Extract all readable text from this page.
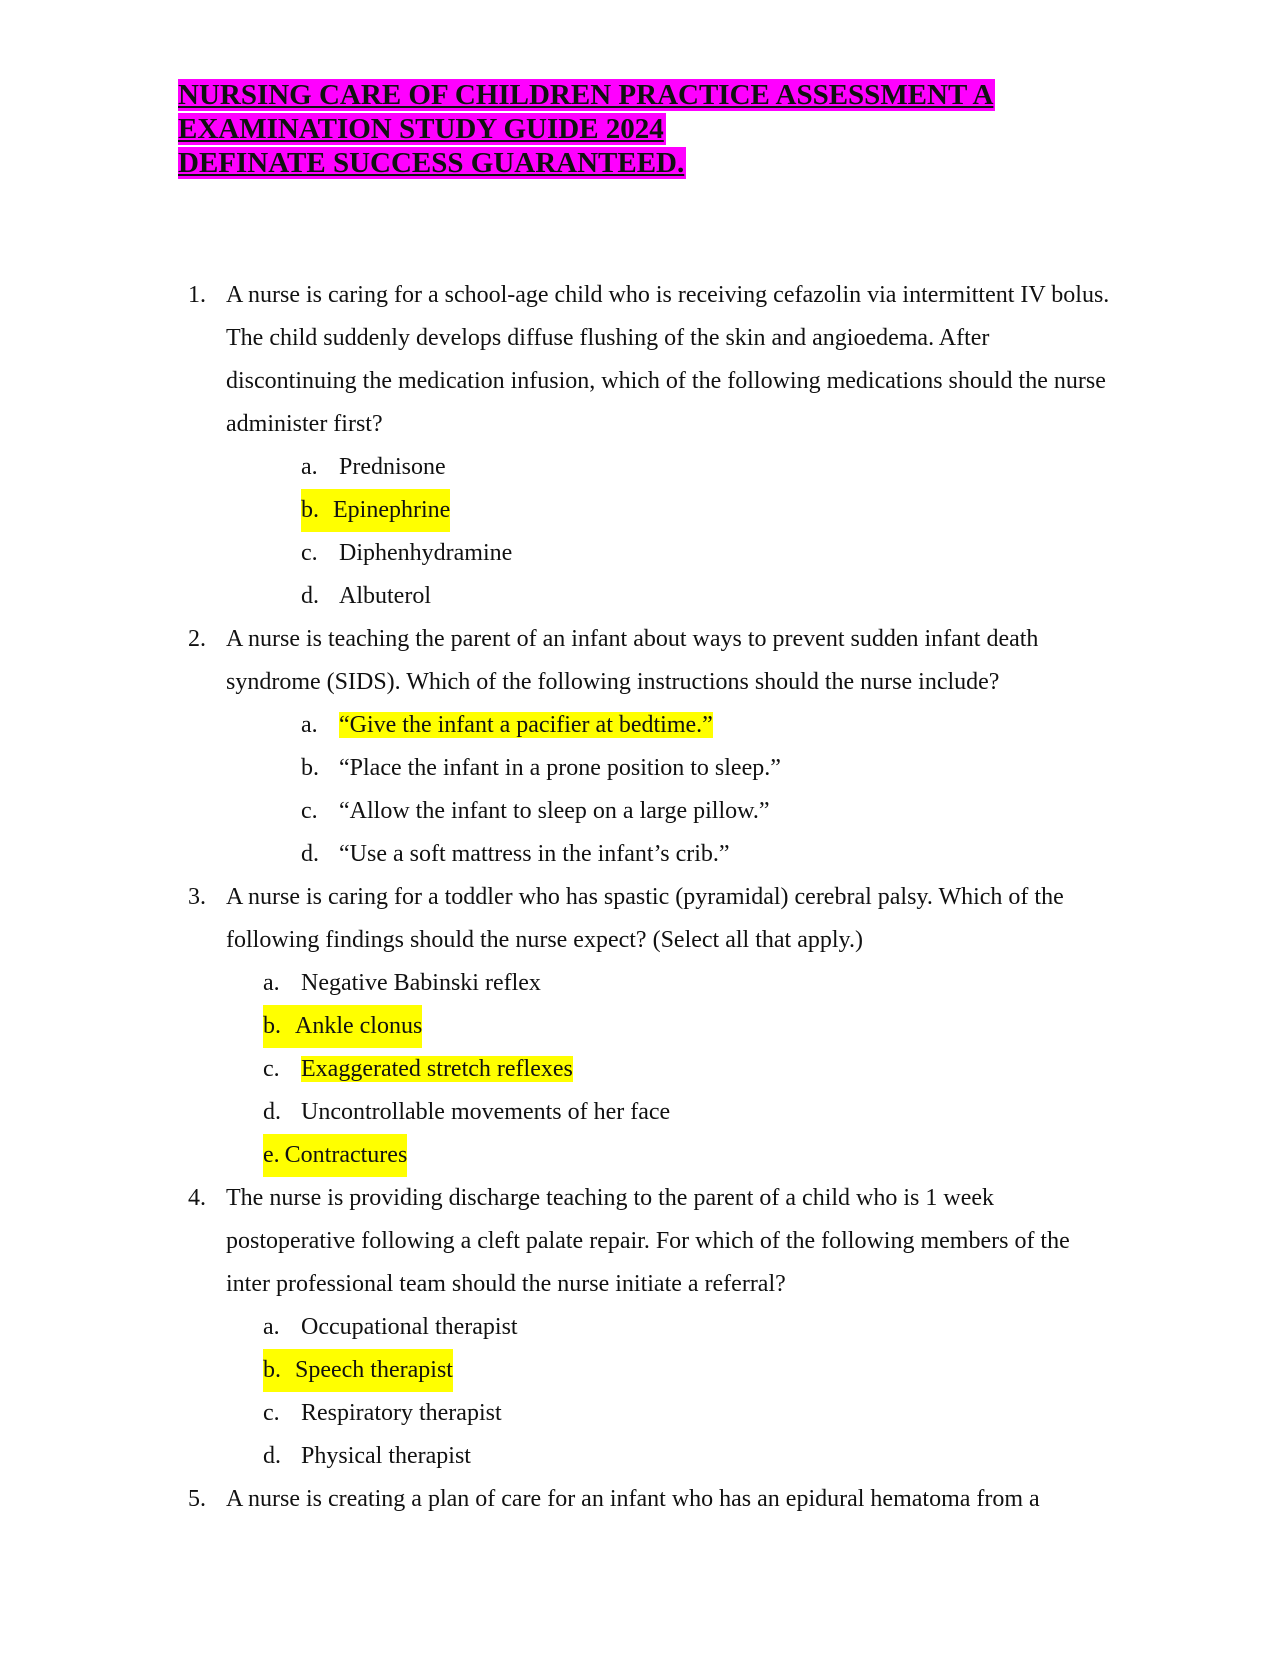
NURSING CARE OF CHILDREN PRACTICE ASSESSMENT A
EXAMINATION STUDY GUIDE 2024
DEFINATE SUCCESS GUARANTEED.
1. A nurse is caring for a school-age child who is receiving cefazolin via intermittent IV bolus. The child suddenly develops diffuse flushing of the skin and angioedema. After discontinuing the medication infusion, which of the following medications should the nurse administer first?
a. Prednisone
b. Epinephrine
c. Diphenhydramine
d. Albuterol
2. A nurse is teaching the parent of an infant about ways to prevent sudden infant death syndrome (SIDS). Which of the following instructions should the nurse include?
a. “Give the infant a pacifier at bedtime.”
b. “Place the infant in a prone position to sleep.”
c. “Allow the infant to sleep on a large pillow.”
d. “Use a soft mattress in the infant’s crib.”
3. A nurse is caring for a toddler who has spastic (pyramidal) cerebral palsy. Which of the following findings should the nurse expect? (Select all that apply.)
a. Negative Babinski reflex
b. Ankle clonus
c. Exaggerated stretch reflexes
d. Uncontrollable movements of her face
e. Contractures
4. The nurse is providing discharge teaching to the parent of a child who is 1 week postoperative following a cleft palate repair. For which of the following members of the inter professional team should the nurse initiate a referral?
a. Occupational therapist
b. Speech therapist
c. Respiratory therapist
d. Physical therapist
5. A nurse is creating a plan of care for an infant who has an epidural hematoma from a
